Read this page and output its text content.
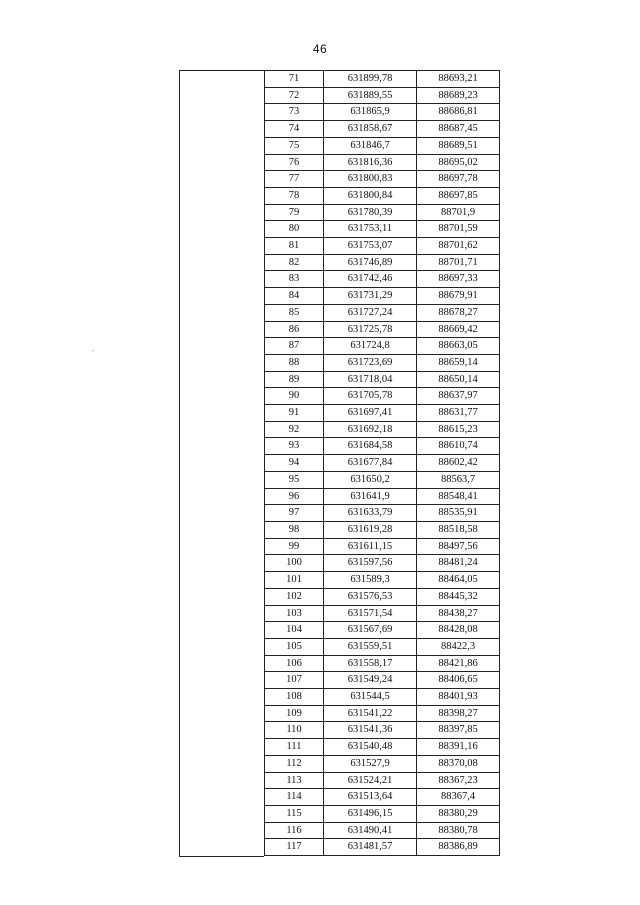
46
71	631899,78	88693,21
72	631889,55	88689,23
73	631865,9	88686,81
74	631858,67	88687,45
75	631846,7	88689,51
76	631816,36	88695,02
77	631800,83	88697,78
78	631800,84	88697,85
79	631780,39	88701,9
80	631753,11	88701,59
81	631753,07	88701,62
82	631746,89	88701,71
83	631742,46	88697,33
84	631731,29	88679,91
85	631727,24	88678,27
86	631725,78	88669,42
87	631724,8	88663,05
88	631723,69	88659,14
89	631718,04	88650,14
90	631705,78	88637,97
91	631697,41	88631,77
92	631692,18	88615,23
93	631684,58	88610,74
94	631677,84	88602,42
95	631650,2	88563,7
96	631641,9	88548,41
97	631633,79	88535,91
98	631619,28	88518,58
99	631611,15	88497,56
100	631597,56	88481,24
101	631589,3	88464,05
102	631576,53	88445,32
103	631571,54	88438,27
104	631567,69	88428,08
105	631559,51	88422,3
106	631558,17	88421,86
107	631549,24	88406,65
108	631544,5	88401,93
109	631541,22	88398,27
110	631541,36	88397,85
111	631540,48	88391,16
112	631527,9	88370,08
113	631524,21	88367,23
114	631513,64	88367,4
115	631496,15	88380,29
116	631490,41	88380,78
117	631481,57	88386,89
